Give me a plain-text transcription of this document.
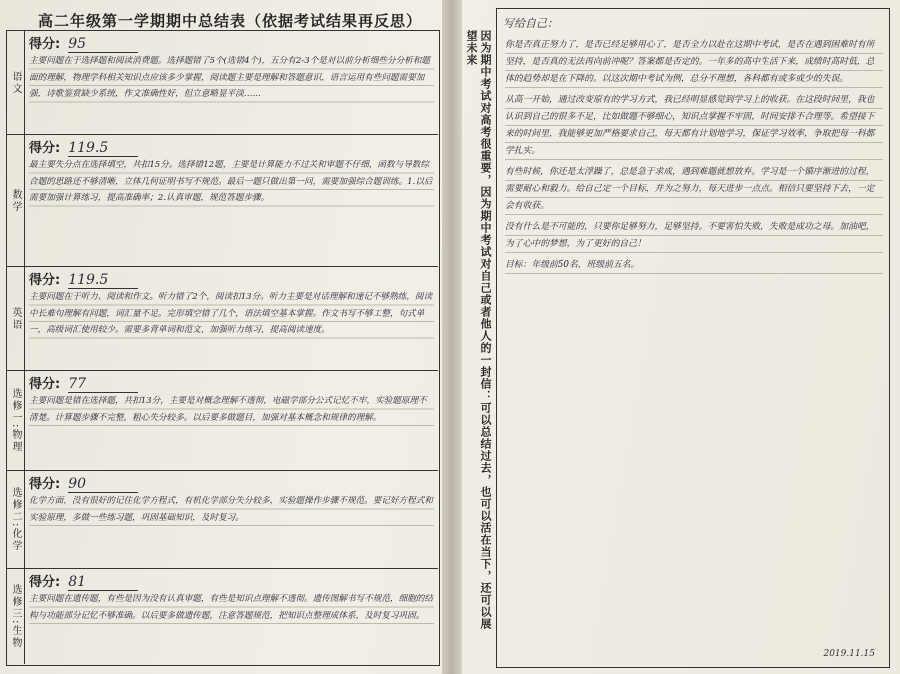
高二年级第一学期期中总结表（依据考试结果再反思）
语文
得分: 95
主要问题在于选择题和阅读消费题。选择题错了5个(选错4个)，五分有2-3个是对以前分析细些分分析和题面的理解，物理学科相关知识点应该多少掌握，阅读题主要是理解和答题意识，语言运用有些问题需要加强，诗歌鉴赏缺少系统，作文准确性好，但立意略显平淡……
数学
得分: 119.5
最主要失分点在选择填空，共扣15分。选择错12题，主要是计算能力不过关和审题不仔细，函数与导数综合题的思路还不够清晰，立体几何证明书写不规范。最后一题只做出第一问，需要加强综合题训练。1.以后需要加强计算练习，提高准确率；2.认真审题，规范答题步骤。
英语
得分: 119.5
主要问题在于听力、阅读和作文。听力错了2个，阅读扣13分。听力主要是对话理解和速记不够熟练，阅读中长难句理解有问题，词汇量不足。完形填空错了几个，语法填空基本掌握。作文书写不够工整，句式单一，高级词汇使用较少。需要多背单词和范文，加强听力练习，提高阅读速度。
选修一:物理
得分: 77
主要问题是错在选择题，共扣13分，主要是对概念理解不透彻，电磁学部分公式记忆不牢，实验题原理不清楚。计算题步骤不完整，粗心失分较多。以后要多做题目，加强对基本概念和规律的理解。
选修二:化学
得分: 90
化学方面，没有很好的记住化学方程式，有机化学部分失分较多，实验题操作步骤不规范。要记好方程式和实验原理，多做一些练习题，巩固基础知识，及时复习。
选修三:生物
得分: 81
主要问题在遗传题，有些是因为没有认真审题，有些是知识点理解不透彻。遗传图解书写不规范，细胞的结构与功能部分记忆不够准确。以后要多做遗传题，注意答题规范，把知识点整理成体系，及时复习巩固。	因为期中考试对高考很重要，因为期中考试对自己或者他人的一封信：可以总结过去，也可以活在当下，还可以展望未来
写给自己：

你是否真正努力了，是否已经足够用心了，是否全力以赴在这期中考试，是否在遇到困难时有所坚持，是否真的无法再向前冲呢？答案都是否定的。一年多的高中生活下来，成绩时高时低，总体的趋势却是在下降的。以这次期中考试为例，总分不理想，各科都有或多或少的失误。

从高一开始，通过改变原有的学习方式，我已经明显感觉到学习上的收获。在这段时间里，我也认识到自己的很多不足，比如做题不够细心，知识点掌握不牢固，时间安排不合理等。希望接下来的时间里，我能够更加严格要求自己，每天都有计划地学习，保证学习效率，争取把每一科都学扎实。

有些时候，你还是太浮躁了，总是急于求成，遇到难题就想放弃。学习是一个循序渐进的过程，需要耐心和毅力。给自己定一个目标，并为之努力，每天进步一点点。相信只要坚持下去，一定会有收获。

没有什么是不可能的，只要你足够努力，足够坚持。不要害怕失败，失败是成功之母。加油吧，为了心中的梦想，为了更好的自己！

目标：年级前50名，班级前五名。

2019.11.15
